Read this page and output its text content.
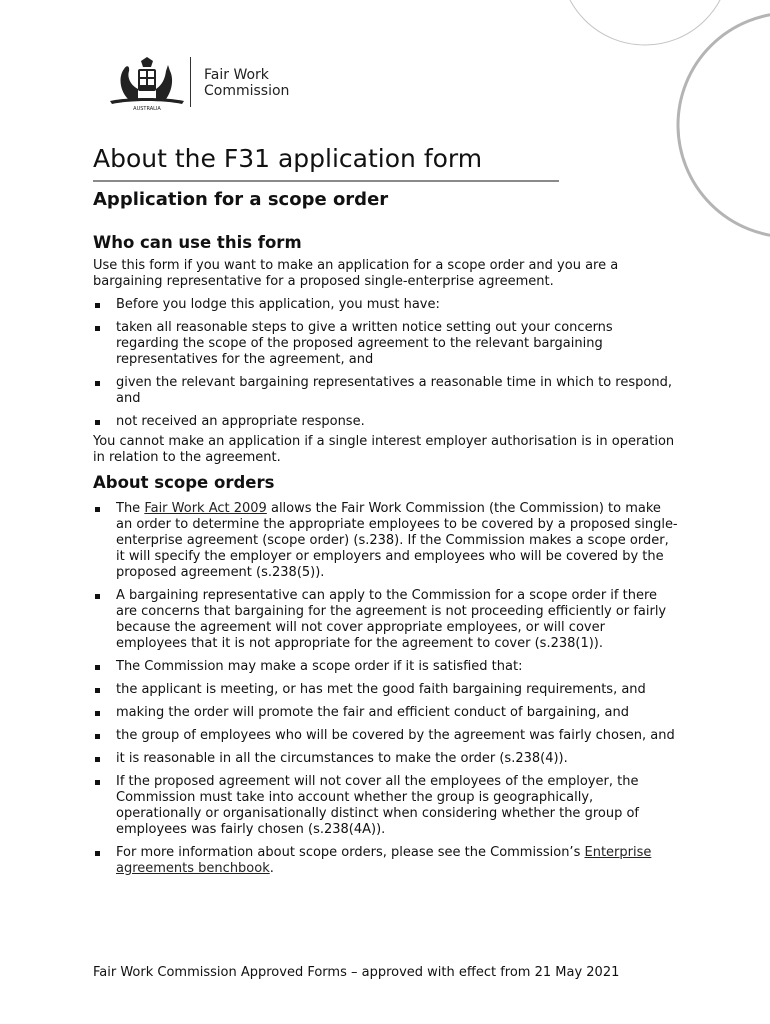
AUSTRALIA
Fair Work
Commission
About the F31 application form
Application for a scope order
Who can use this form

Use this form if you want to make an application for a scope order and you are a bargaining representative for a proposed single-enterprise agreement.

Before you lodge this application, you must have:
taken all reasonable steps to give a written notice setting out your concerns regarding the scope of the proposed agreement to the relevant bargaining representatives for the agreement, and
given the relevant bargaining representatives a reasonable time in which to respond, and
not received an appropriate response.

You cannot make an application if a single interest employer authorisation is in operation in relation to the agreement.

About scope orders
The Fair Work Act 2009 allows the Fair Work Commission (the Commission) to make an order to determine the appropriate employees to be covered by a proposed single-enterprise agreement (scope order) (s.238). If the Commission makes a scope order, it will specify the employer or employers and employees who will be covered by the proposed agreement (s.238(5)).
A bargaining representative can apply to the Commission for a scope order if there are concerns that bargaining for the agreement is not proceeding efficiently or fairly because the agreement will not cover appropriate employees, or will cover employees that it is not appropriate for the agreement to cover (s.238(1)).
The Commission may make a scope order if it is satisfied that:
the applicant is meeting, or has met the good faith bargaining requirements, and
making the order will promote the fair and efficient conduct of bargaining, and
the group of employees who will be covered by the agreement was fairly chosen, and
it is reasonable in all the circumstances to make the order (s.238(4)).
If the proposed agreement will not cover all the employees of the employer, the Commission must take into account whether the group is geographically, operationally or organisationally distinct when considering whether the group of employees was fairly chosen (s.238(4A)).
For more information about scope orders, please see the Commission’s Enterprise agreements benchbook.
Fair Work Commission Approved Forms – approved with effect from 21 May 2021
